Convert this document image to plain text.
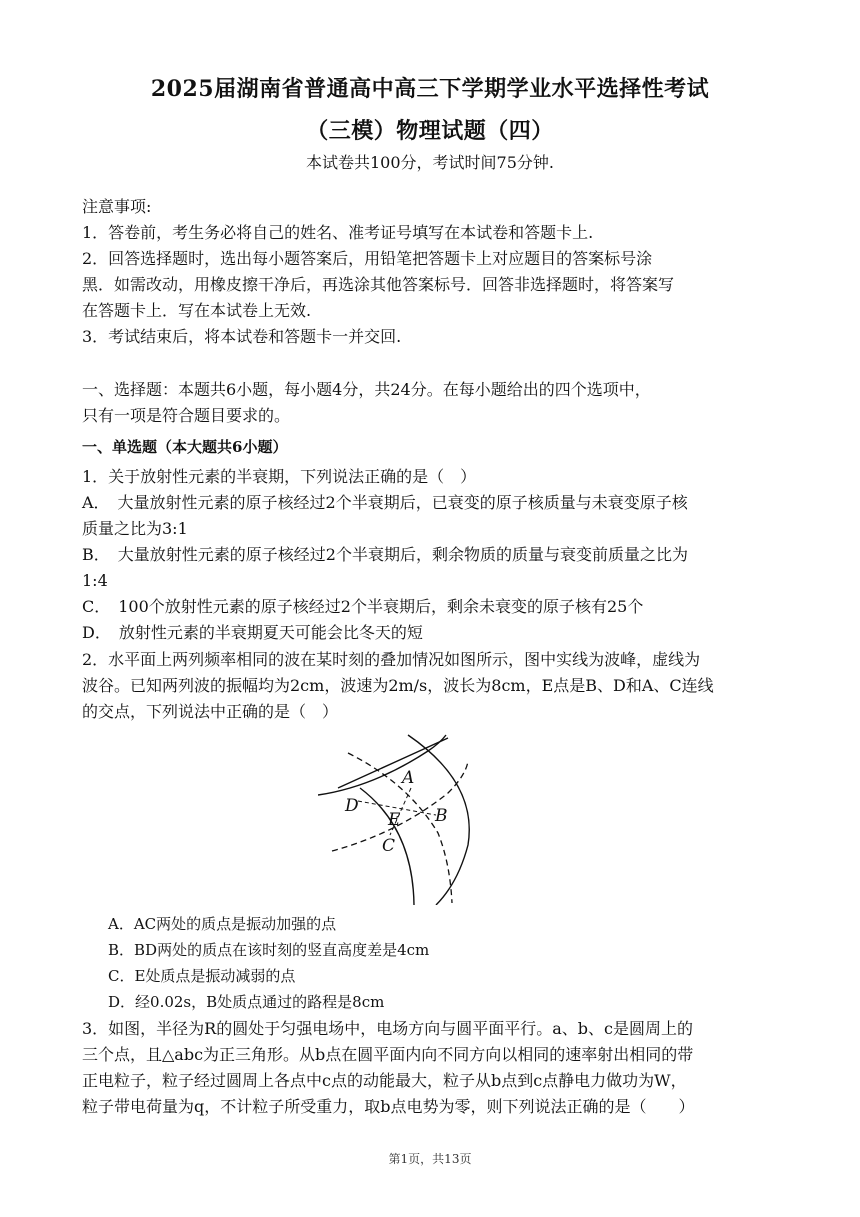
2025届湖南省普通高中高三下学期学业水平选择性考试
（三模）物理试题（四）
本试卷共100分，考试时间75分钟.
注意事项:
1．答卷前，考生务必将自己的姓名、准考证号填写在本试卷和答题卡上.
2．回答选择题时，选出每小题答案后，用铅笔把答题卡上对应题目的答案标号涂
黑．如需改动，用橡皮擦干净后，再选涂其他答案标号．回答非选择题时，将答案写
在答题卡上．写在本试卷上无效.
3．考试结束后，将本试卷和答题卡一并交回.
一、选择题：本题共6小题，每小题4分，共24分。在每小题给出的四个选项中，
只有一项是符合题目要求的。
一、单选题（本大题共6小题）
1．关于放射性元素的半衰期，下列说法正确的是（　）
A．　大量放射性元素的原子核经过2个半衰期后，已衰变的原子核质量与未衰变原子核
质量之比为3:1
B．　大量放射性元素的原子核经过2个半衰期后，剩余物质的质量与衰变前质量之比为
1:4
C．　100个放射性元素的原子核经过2个半衰期后，剩余未衰变的原子核有25个
D．　放射性元素的半衰期夏天可能会比冬天的短
2．水平面上两列频率相同的波在某时刻的叠加情况如图所示，图中实线为波峰，虚线为
波谷。已知两列波的振幅均为2cm，波速为2m/s，波长为8cm，E点是B、D和A、C连线
的交点，下列说法中正确的是（　）
A
B
C
D
E
A．AC两处的质点是振动加强的点
B．BD两处的质点在该时刻的竖直高度差是4cm
C．E处质点是振动减弱的点
D．经0.02s，B处质点通过的路程是8cm
3．如图，半径为R的圆处于匀强电场中，电场方向与圆平面平行。a、b、c是圆周上的
三个点，且△abc为正三角形。从b点在圆平面内向不同方向以相同的速率射出相同的带
正电粒子，粒子经过圆周上各点中c点的动能最大，粒子从b点到c点静电力做功为W，
粒子带电荷量为q，不计粒子所受重力，取b点电势为零，则下列说法正确的是（　　）
第1页，共13页
